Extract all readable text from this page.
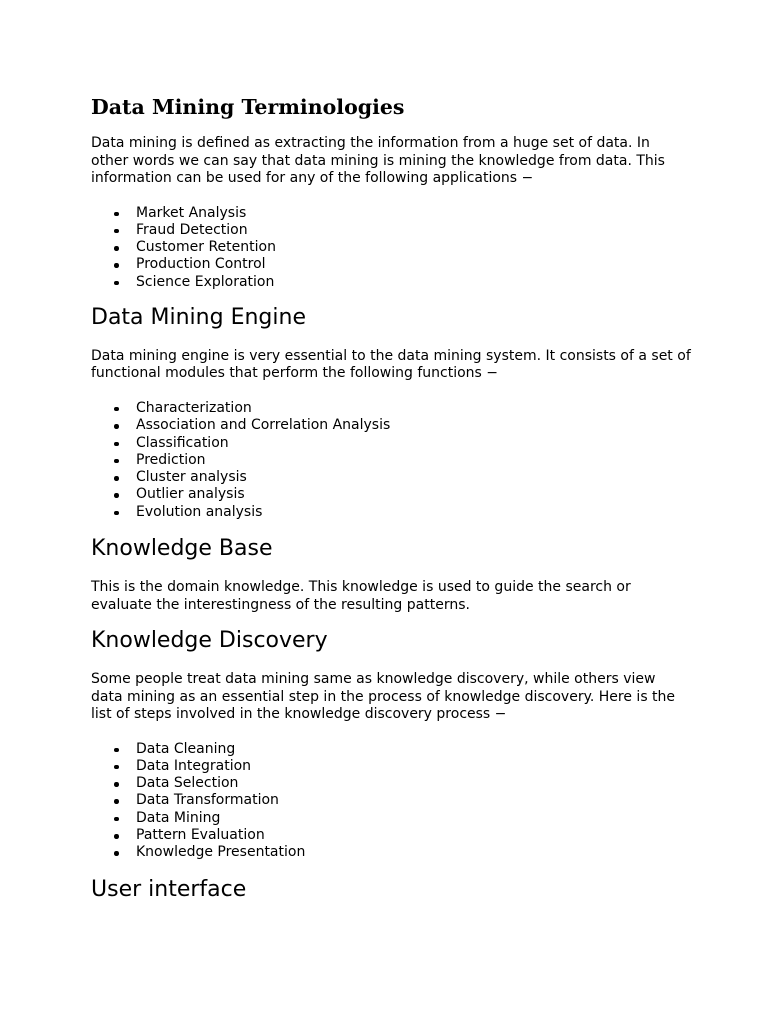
Data Mining Terminologies

Data mining is defined as extracting the information from a huge set of data. In other words we can say that data mining is mining the knowledge from data. This information can be used for any of the following applications −

Market Analysis
Fraud Detection
Customer Retention
Production Control
Science Exploration
Data Mining Engine

Data mining engine is very essential to the data mining system. It consists of a set of functional modules that perform the following functions −

Characterization
Association and Correlation Analysis
Classification
Prediction
Cluster analysis
Outlier analysis
Evolution analysis
Knowledge Base

This is the domain knowledge. This knowledge is used to guide the search or evaluate the interestingness of the resulting patterns.

Knowledge Discovery

Some people treat data mining same as knowledge discovery, while others view data mining as an essential step in the process of knowledge discovery. Here is the list of steps involved in the knowledge discovery process −

Data Cleaning
Data Integration
Data Selection
Data Transformation
Data Mining
Pattern Evaluation
Knowledge Presentation
User interface
